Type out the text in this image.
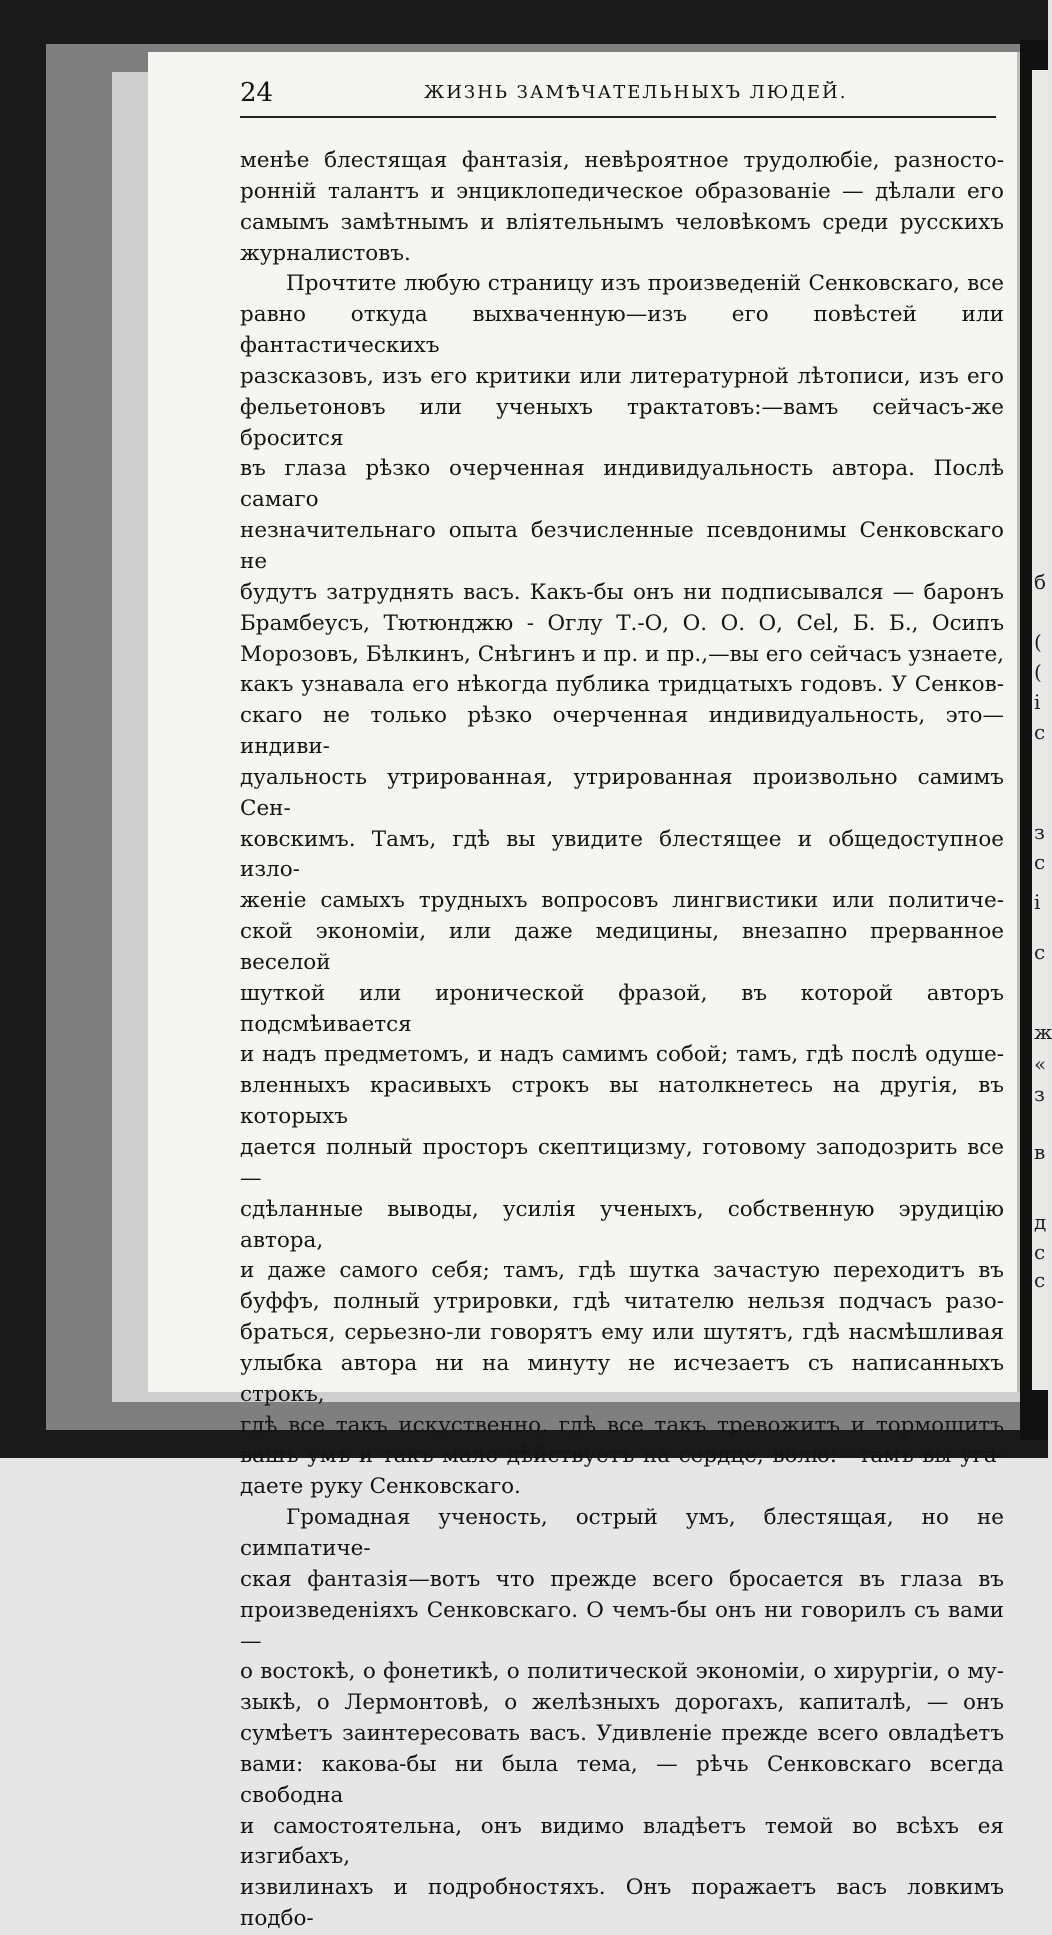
б
(
(
і
с
з
с
і
с
ж
«
з
в
д
с
с
24	ЖИЗНЬ ЗАМѢЧАТЕЛЬНЫХЪ ЛЮДЕЙ.
менѣе блестящая фантазія, невѣроятное трудолюбіе, разносто-
ронній талантъ и энциклопедическое образованіе — дѣлали его
самымъ замѣтнымъ и вліятельнымъ человѣкомъ среди русскихъ
журналистовъ.
Прочтите любую страницу изъ произведеній Сенковскаго, все
равно откуда выхваченную—изъ его повѣстей или фантастическихъ
разсказовъ, изъ его критики или литературной лѣтописи, изъ его
фельетоновъ или ученыхъ трактатовъ:—вамъ сейчасъ-же бросится
въ глаза рѣзко очерченная индивидуальность автора. Послѣ самаго
незначительнаго опыта безчисленные псевдонимы Сенковскаго не
будутъ затруднять васъ. Какъ-бы онъ ни подписывался — баронъ
Брамбеусъ, Тютюнджю - Оглу Т.-О, О. О. О, Cel, Б. Б., Осипъ
Морозовъ, Бѣлкинъ, Снѣгинъ и пр. и пр.,—вы его сейчасъ узнаете,
какъ узнавала его нѣкогда публика тридцатыхъ годовъ. У Сенков-
скаго не только рѣзко очерченная индивидуальность, это—индиви-
дуальность утрированная, утрированная произвольно самимъ Сен-
ковскимъ. Тамъ, гдѣ вы увидите блестящее и общедоступное изло-
женіе самыхъ трудныхъ вопросовъ лингвистики или политиче-
ской экономіи, или даже медицины, внезапно прерванное веселой
шуткой или иронической фразой, въ которой авторъ подсмѣивается
и надъ предметомъ, и надъ самимъ собой; тамъ, гдѣ послѣ одуше-
вленныхъ красивыхъ строкъ вы натолкнетесь на другія, въ которыхъ
дается полный просторъ скептицизму, готовому заподозрить все —
сдѣланные выводы, усилія ученыхъ, собственную эрудицію автора,
и даже самого себя; тамъ, гдѣ шутка зачастую переходитъ въ
буффъ, полный утрировки, гдѣ читателю нельзя подчасъ разо-
браться, серьезно-ли говорятъ ему или шутятъ, гдѣ насмѣшливая
улыбка автора ни на минуту не исчезаетъ съ написанныхъ строкъ,
гдѣ все такъ искуственно, гдѣ все такъ тревожитъ и тормошитъ
вашъ умъ и такъ мало дѣйствуетъ на сердце, волю:—тамъ вы уга-
даете руку Сенковскаго.
Громадная ученость, острый умъ, блестящая, но не симпатиче-
ская фантазія—вотъ что прежде всего бросается въ глаза въ
произведеніяхъ Сенковскаго. О чемъ-бы онъ ни говорилъ съ вами—
о востокѣ, о фонетикѣ, о политической экономіи, о хирургіи, о му-
зыкѣ, о Лермонтовѣ, о желѣзныхъ дорогахъ, капиталѣ, — онъ
сумѣетъ заинтересовать васъ. Удивленіе прежде всего овладѣетъ
вами: какова-бы ни была тема, — рѣчь Сенковскаго всегда свободна
и самостоятельна, онъ видимо владѣетъ темой во всѣхъ ея изгибахъ,
извилинахъ и подробностяхъ. Онъ поражаетъ васъ ловкимъ подбо-
